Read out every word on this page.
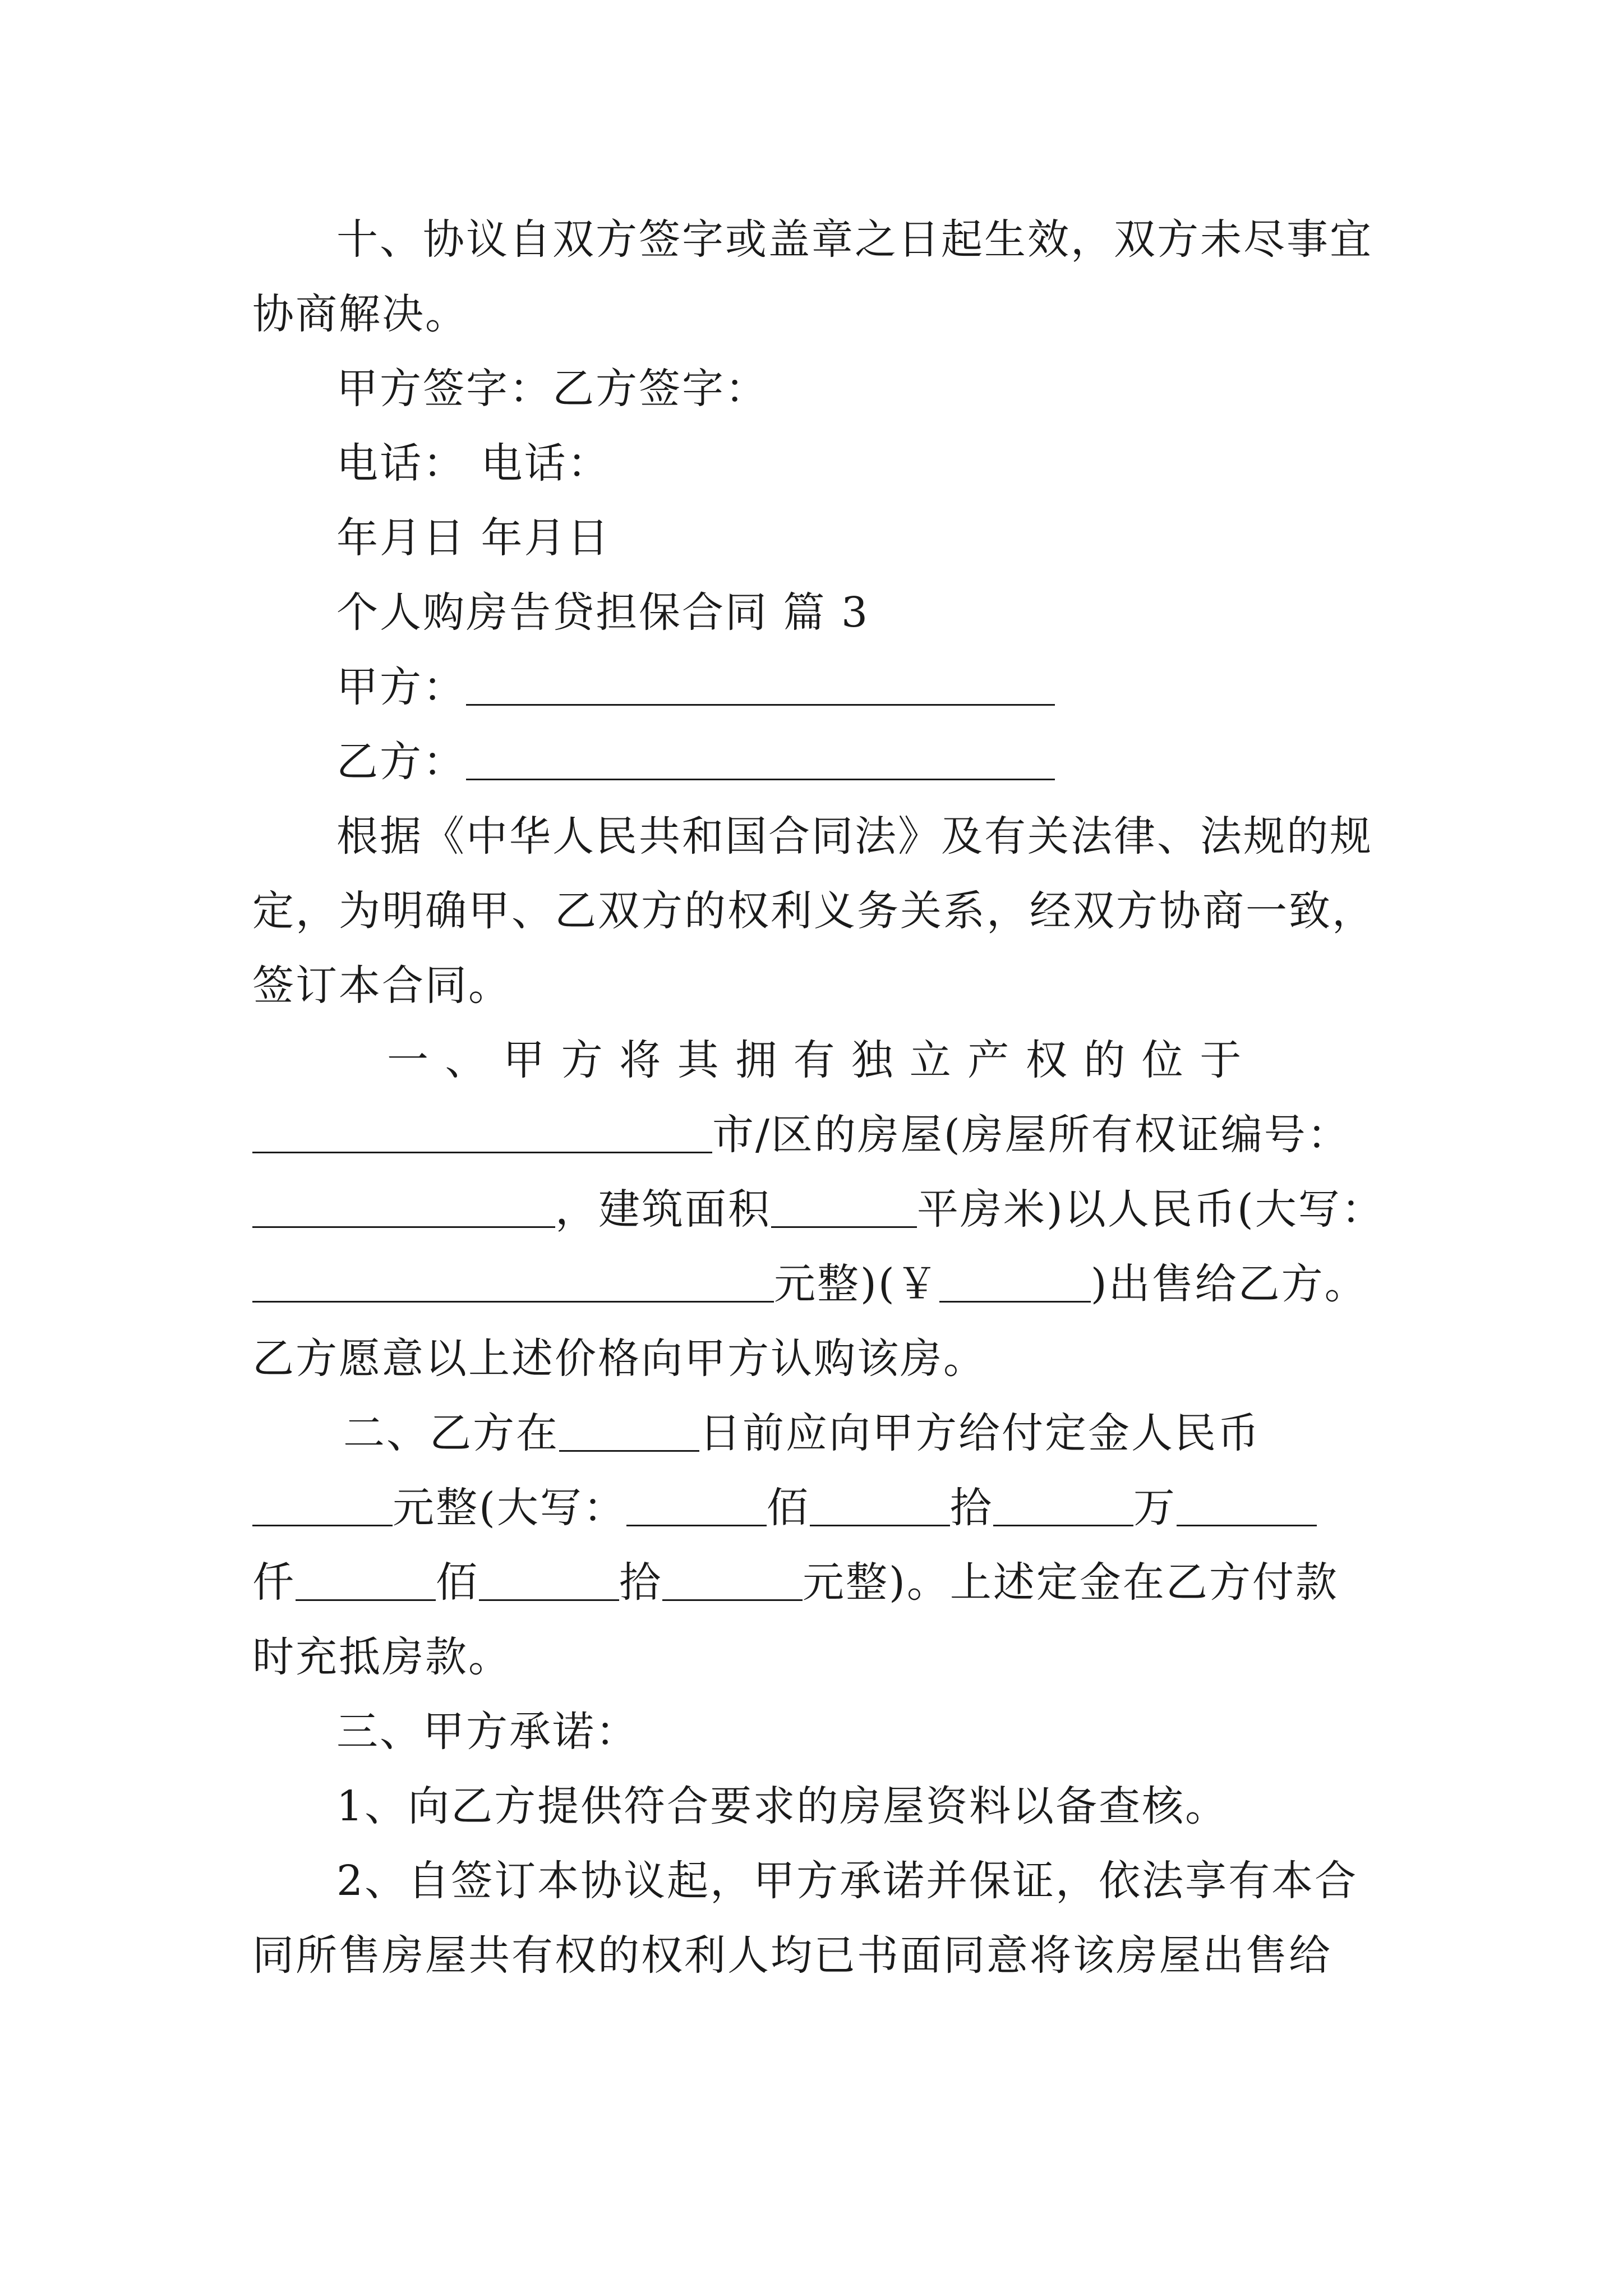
十、协议自双方签字或盖章之日起生效，双方未尽事宜
协商解决。
甲方签字：乙方签字：
电话： 电话：
年月日 年月日
个人购房告贷担保合同 篇 3
甲方：
乙方：
根据《中华人民共和国合同法》及有关法律、法规的规
定，为明确甲、乙双方的权利义务关系，经双方协商一致，
签订本合同。
一 、 甲 方 将 其 拥 有 独 立 产 权 的 位 于
市/区的房屋(房屋所有权证编号：
，建筑面积	平房米)以人民币(大写：
元整)(￥	)出售给乙方。
乙方愿意以上述价格向甲方认购该房。
二、乙方在	日前应向甲方给付定金人民币
元整(大写：	佰	拾	万
仟	佰	拾	元整)。上述定金在乙方付款
时充抵房款。
三、甲方承诺：
1、向乙方提供符合要求的房屋资料以备查核。
2、自签订本协议起，甲方承诺并保证，依法享有本合
同所售房屋共有权的权利人均已书面同意将该房屋出售给
